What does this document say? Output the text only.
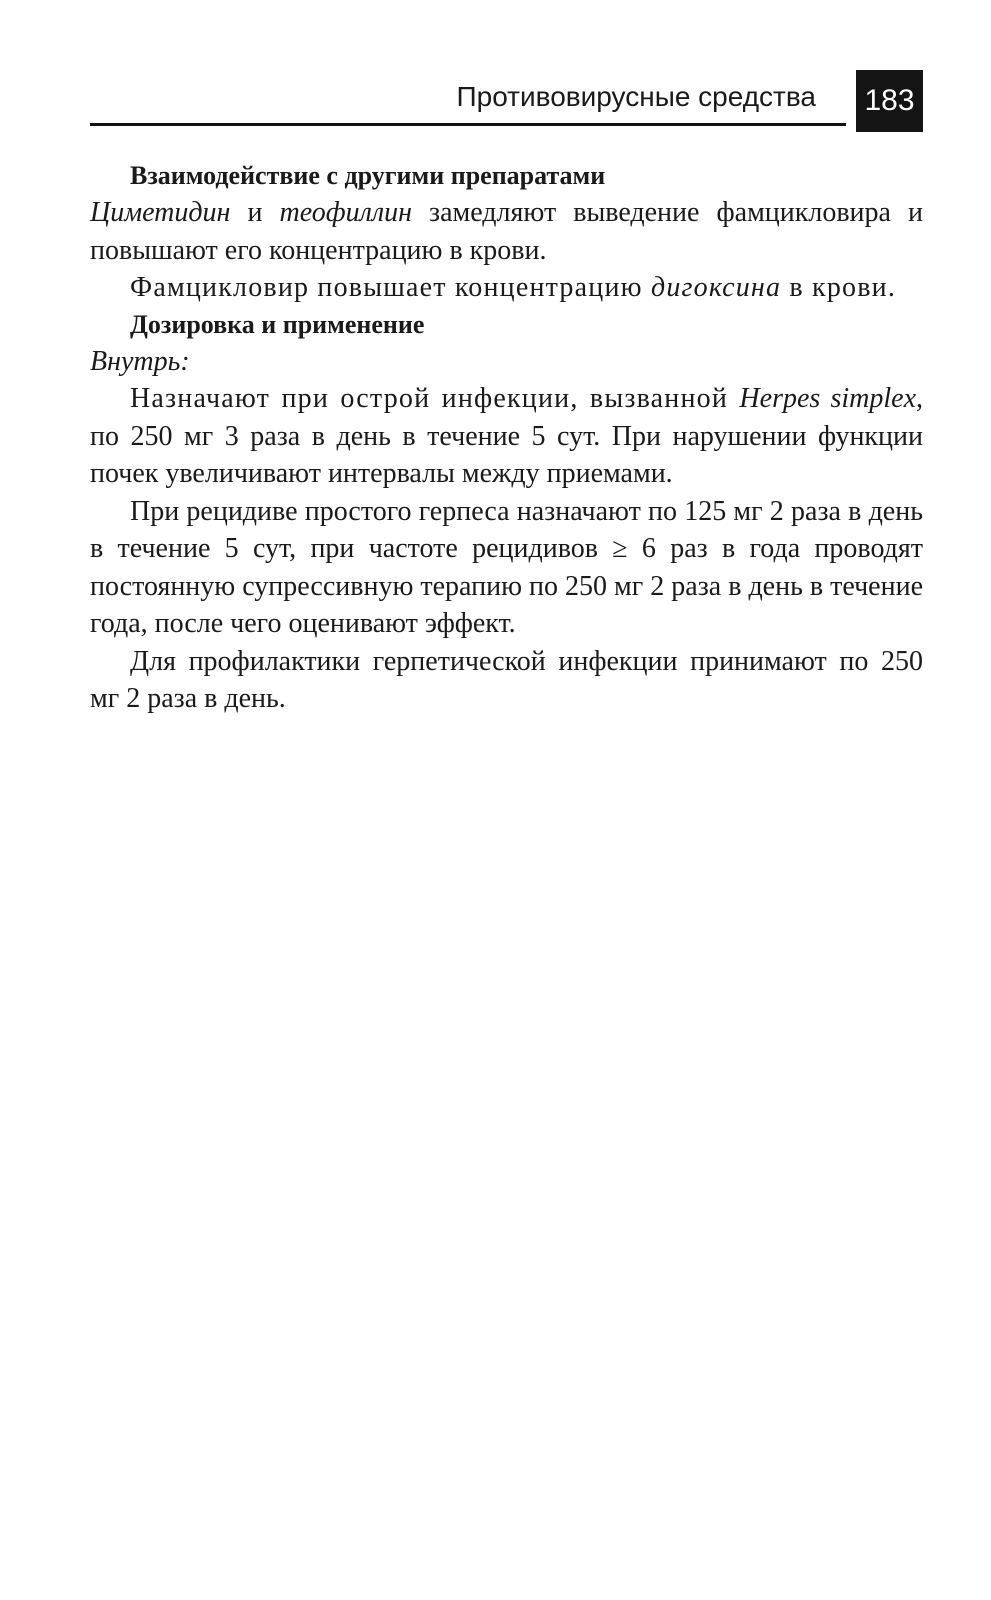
Противовирусные средства 183

Взаимодействие с другими препаратами

Циметидин и теофиллин замедляют выведение фамцикловира и повышают его концентрацию в крови.

Фамцикловир повышает концентрацию дигоксина в крови.

Дозировка и применение

Внутрь:

Назначают при острой инфекции, вызванной Herpes simplex, по 250 мг 3 раза в день в течение 5 сут. При нарушении функции почек увеличивают интервалы между приемами.

При рецидиве простого герпеса назначают по 125 мг 2 раза в день в течение 5 сут, при частоте рецидивов ≥ 6 раз в года проводят постоянную супрессивную терапию по 250 мг 2 раза в день в течение года, после чего оценивают эффект.

Для профилактики герпетической инфекции принимают по 250 мг 2 раза в день.
